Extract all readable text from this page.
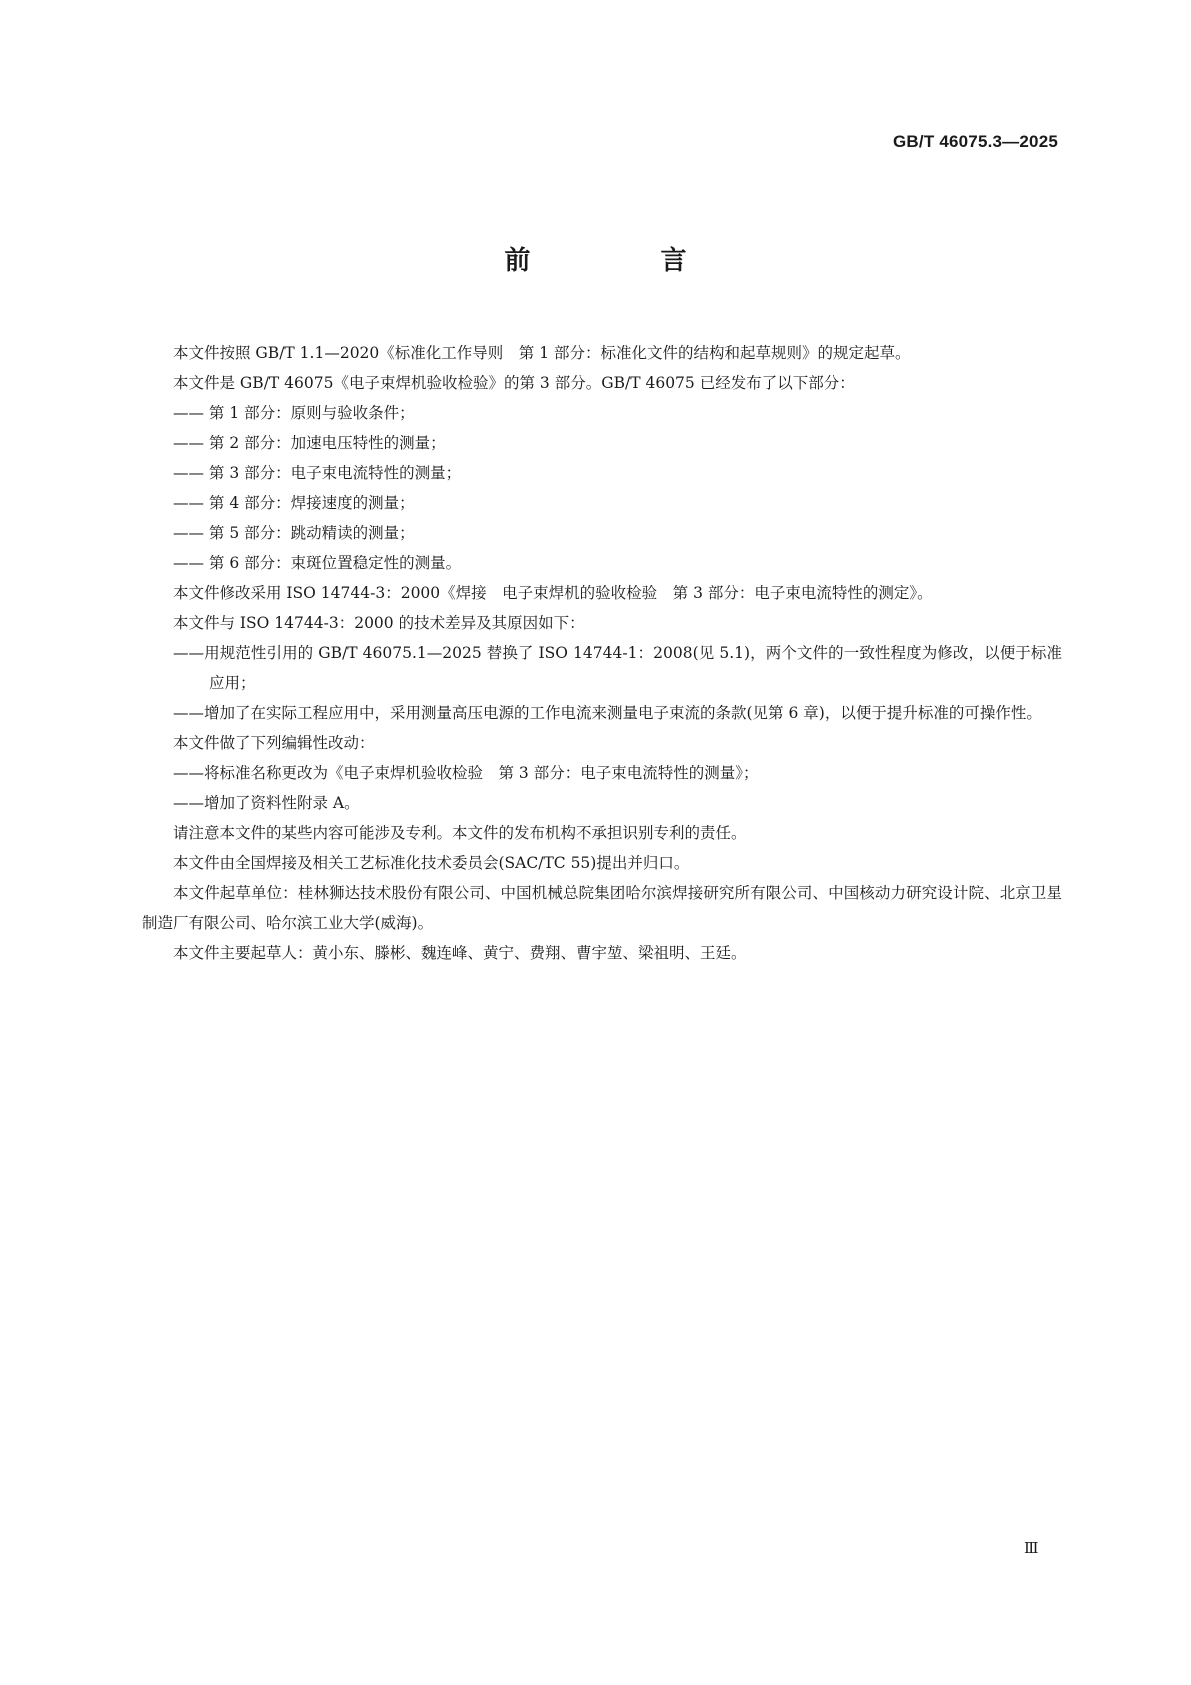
GB/T 46075.3—2025
前　言

本文件按照 GB/T 1.1—2020《标准化工作导则　第 1 部分：标准化文件的结构和起草规则》的规定起草。

本文件是 GB/T 46075《电子束焊机验收检验》的第 3 部分。GB/T 46075 已经发布了以下部分：

—— 第 1 部分：原则与验收条件；

—— 第 2 部分：加速电压特性的测量；

—— 第 3 部分：电子束电流特性的测量；

—— 第 4 部分：焊接速度的测量；

—— 第 5 部分：跳动精读的测量；

—— 第 6 部分：束斑位置稳定性的测量。

本文件修改采用 ISO 14744-3：2000《焊接　电子束焊机的验收检验　第 3 部分：电子束电流特性的测定》。

本文件与 ISO 14744-3：2000 的技术差异及其原因如下：

——用规范性引用的 GB/T 46075.1—2025 替换了 ISO 14744-1：2008(见 5.1)，两个文件的一致性程度为修改，以便于标准应用；

——增加了在实际工程应用中，采用测量高压电源的工作电流来测量电子束流的条款(见第 6 章)，以便于提升标准的可操作性。

本文件做了下列编辑性改动：

——将标准名称更改为《电子束焊机验收检验　第 3 部分：电子束电流特性的测量》；

——增加了资料性附录 A。

请注意本文件的某些内容可能涉及专利。本文件的发布机构不承担识别专利的责任。

本文件由全国焊接及相关工艺标准化技术委员会(SAC/TC 55)提出并归口。

本文件起草单位：桂林狮达技术股份有限公司、中国机械总院集团哈尔滨焊接研究所有限公司、中国核动力研究设计院、北京卫星制造厂有限公司、哈尔滨工业大学(威海)。

本文件主要起草人：黄小东、滕彬、魏连峰、黄宁、费翔、曹宇堃、梁祖明、王廷。

Ⅲ
